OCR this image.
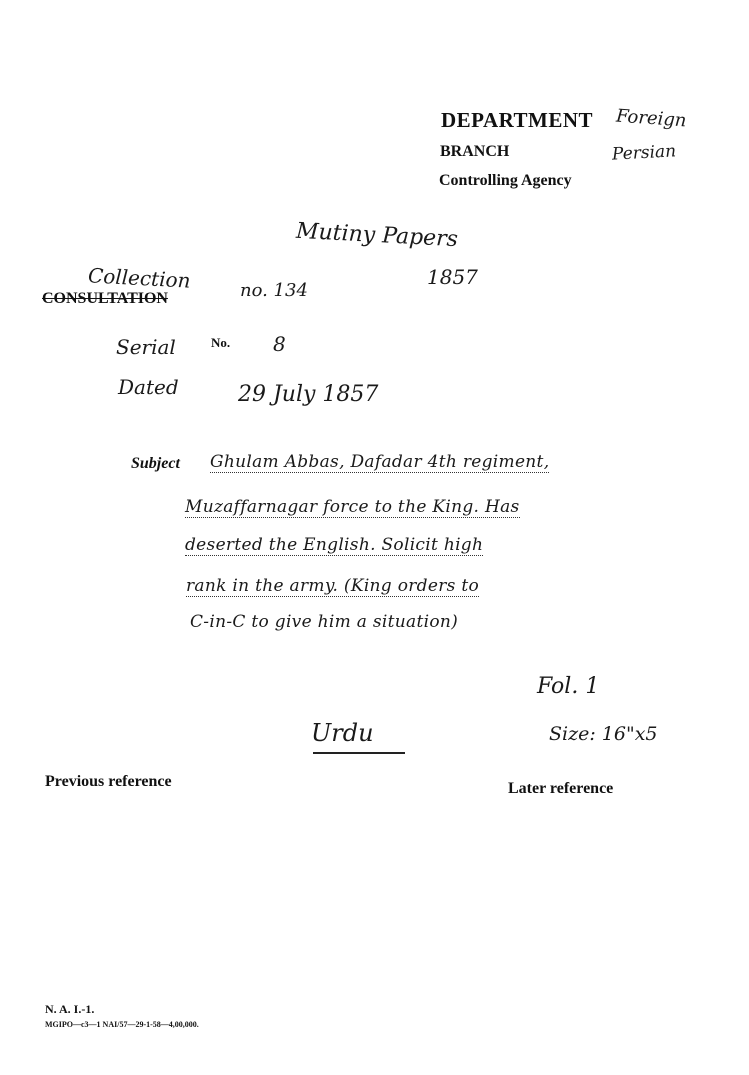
DEPARTMENT Foreign
BRANCH	Persian
Controlling Agency
Mutiny Papers
1857
Collection
CONSULTATION	no. 134
Serial	No. 8
Dated	29 July 1857
Subject Ghulam Abbas, Dafadar 4th regiment,
Muzaffarnagar force to the King. Has
deserted the English. Solicit high
rank in the army. (King orders to
C-in-C to give him a situation)
Fol. 1
Size: 16"x5
Urdu
Previous reference	Later reference
N. A. I.-1.
MGIPO—c3—1 NAI/57—29-1-58—4,00,000.
